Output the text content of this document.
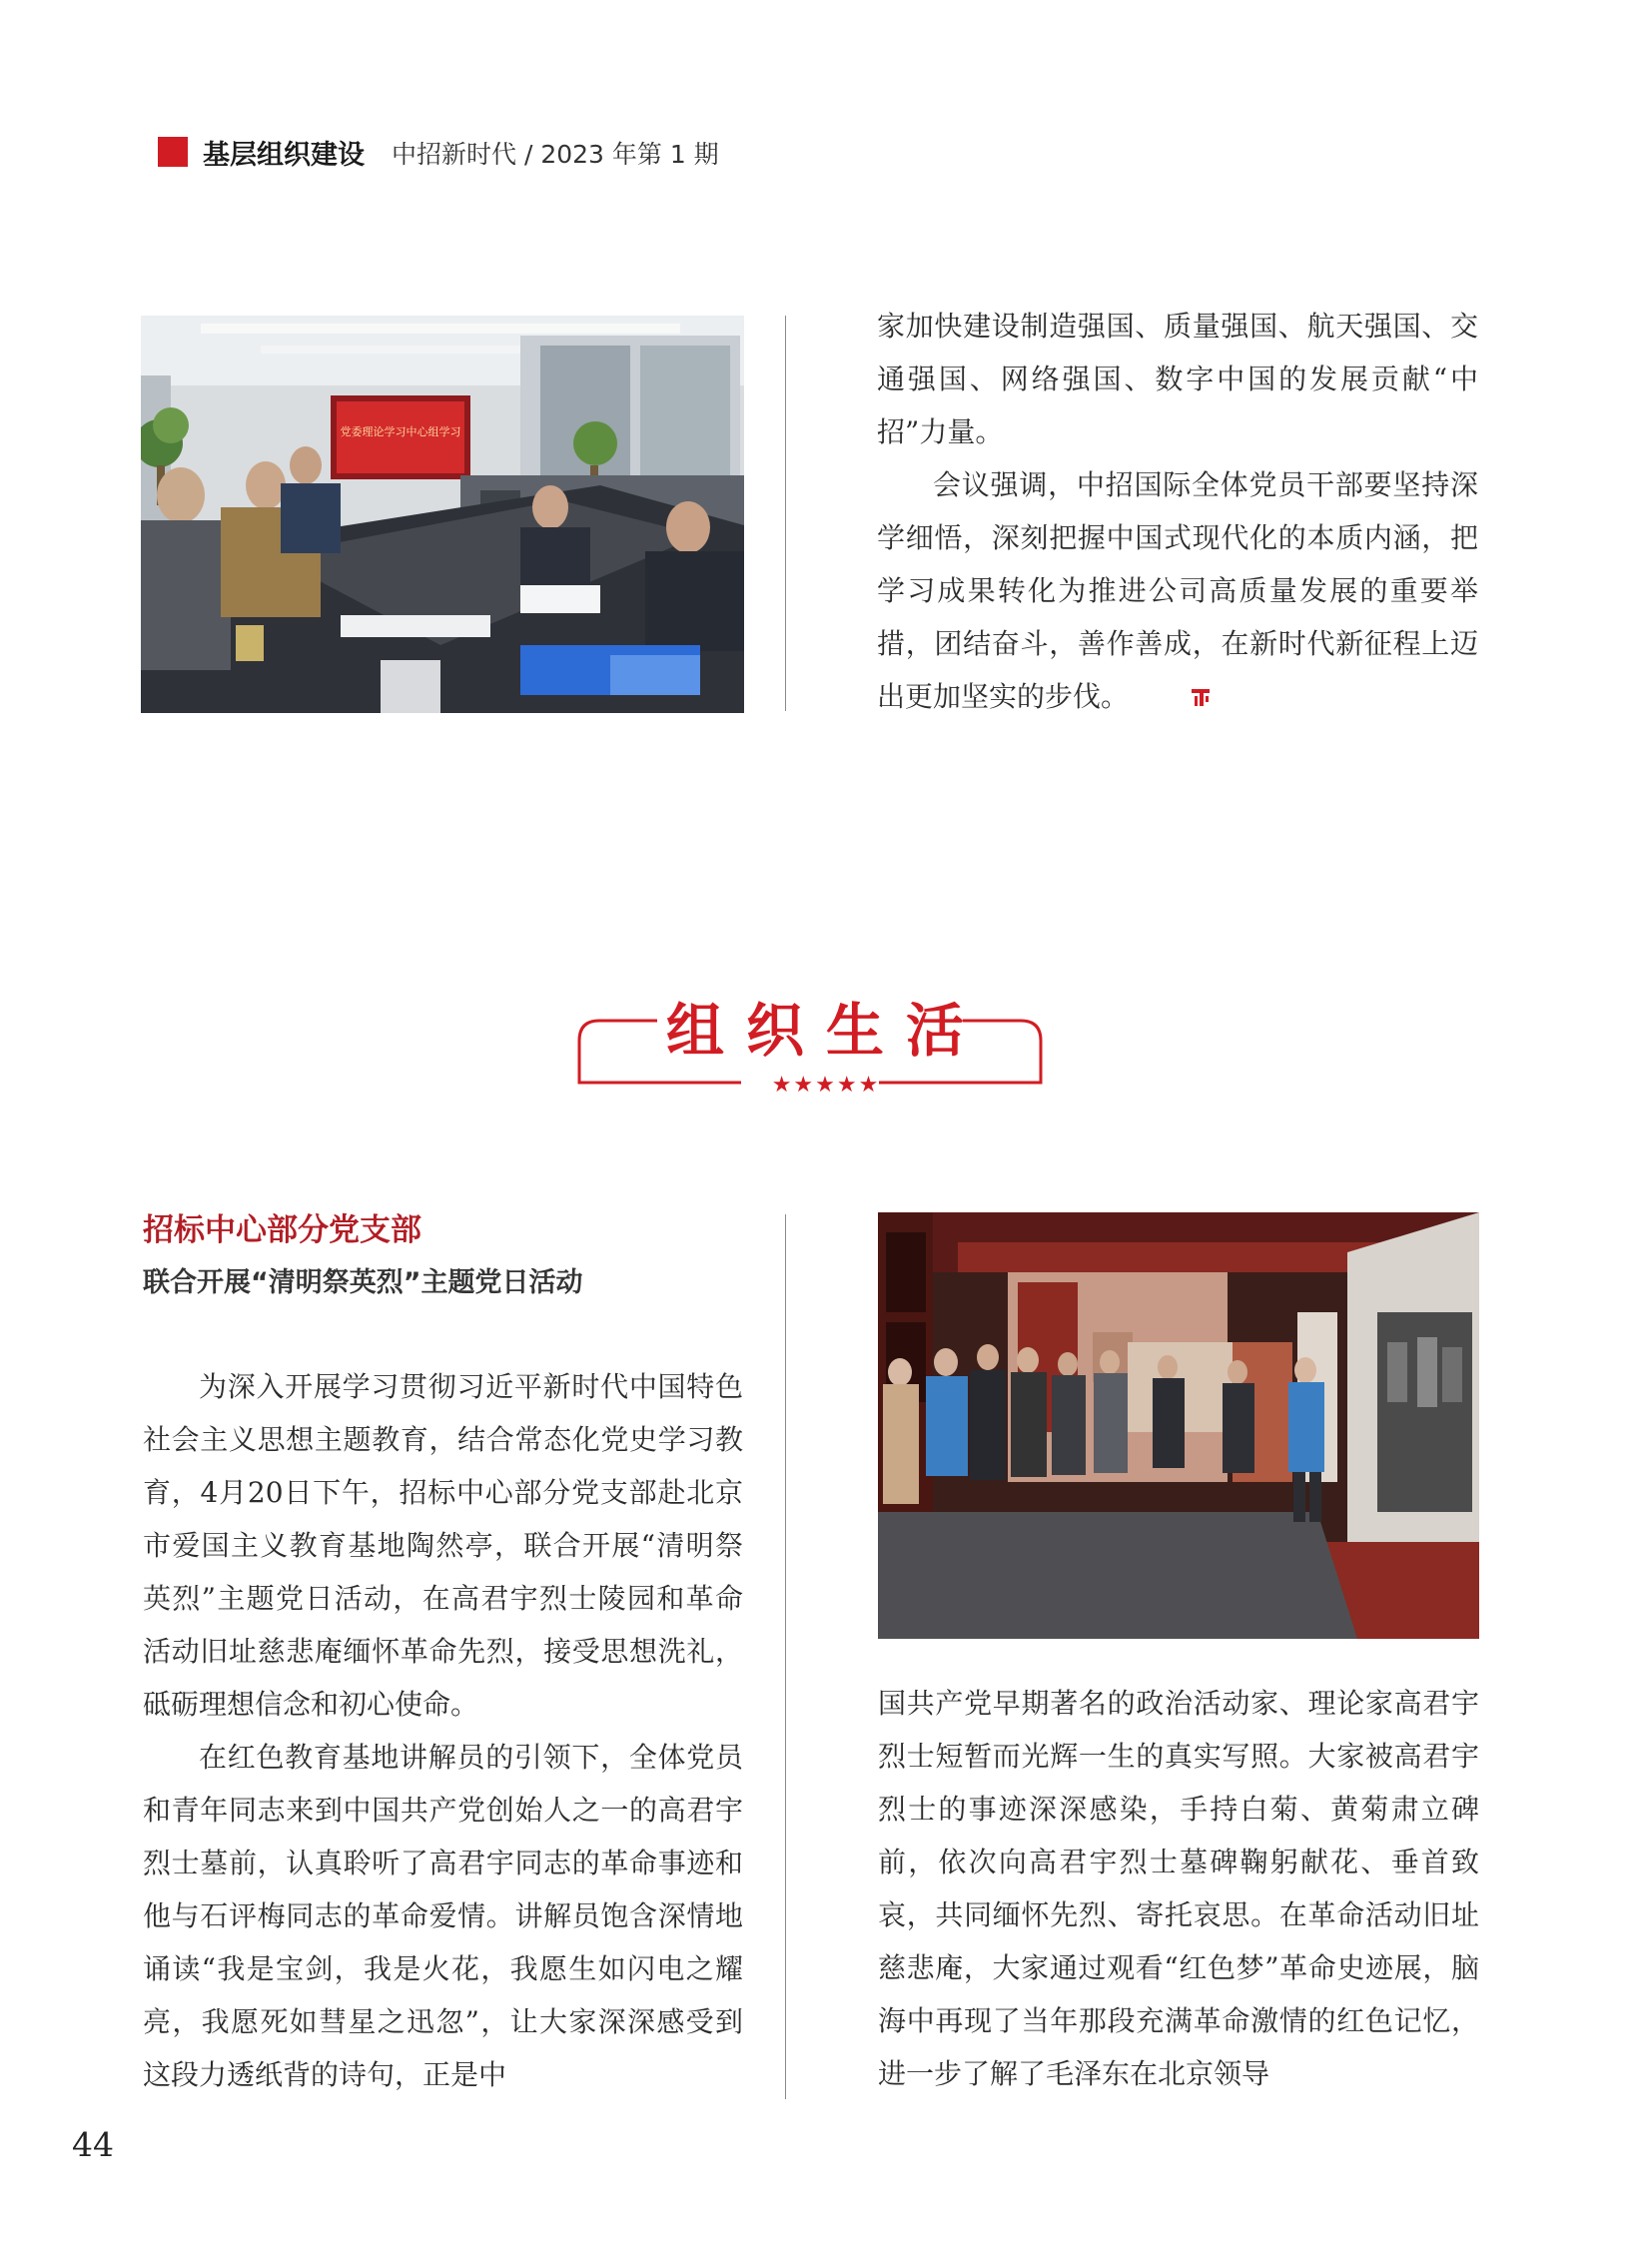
基层组织建设 中招新时代 / 2023 年第 1 期
党委理论学习中心组学习

家加快建设制造强国、质量强国、航天强国、交通强国、网络强国、数字中国的发展贡献“中招”力量。

会议强调，中招国际全体党员干部要坚持深学细悟，深刻把握中国式现代化的本质内涵，把学习成果转化为推进公司高质量发展的重要举措，团结奋斗，善作善成，在新时代新征程上迈出更加坚实的步伐。

组织生活
★★★★★
招标中心部分党支部
联合开展“清明祭英烈”主题党日活动

为深入开展学习贯彻习近平新时代中国特色社会主义思想主题教育，结合常态化党史学习教育，4月20日下午，招标中心部分党支部赴北京市爱国主义教育基地陶然亭，联合开展“清明祭英烈”主题党日活动，在高君宇烈士陵园和革命活动旧址慈悲庵缅怀革命先烈，接受思想洗礼，砥砺理想信念和初心使命。

在红色教育基地讲解员的引领下，全体党员和青年同志来到中国共产党创始人之一的高君宇烈士墓前，认真聆听了高君宇同志的革命事迹和他与石评梅同志的革命爱情。讲解员饱含深情地诵读“我是宝剑，我是火花，我愿生如闪电之耀亮，我愿死如彗星之迅忽”，让大家深深感受到这段力透纸背的诗句，正是中

国共产党早期著名的政治活动家、理论家高君宇烈士短暂而光辉一生的真实写照。大家被高君宇烈士的事迹深深感染，手持白菊、黄菊肃立碑前，依次向高君宇烈士墓碑鞠躬献花、垂首致哀，共同缅怀先烈、寄托哀思。在革命活动旧址慈悲庵，大家通过观看“红色梦”革命史迹展，脑海中再现了当年那段充满革命激情的红色记忆，进一步了解了毛泽东在北京领导

44
